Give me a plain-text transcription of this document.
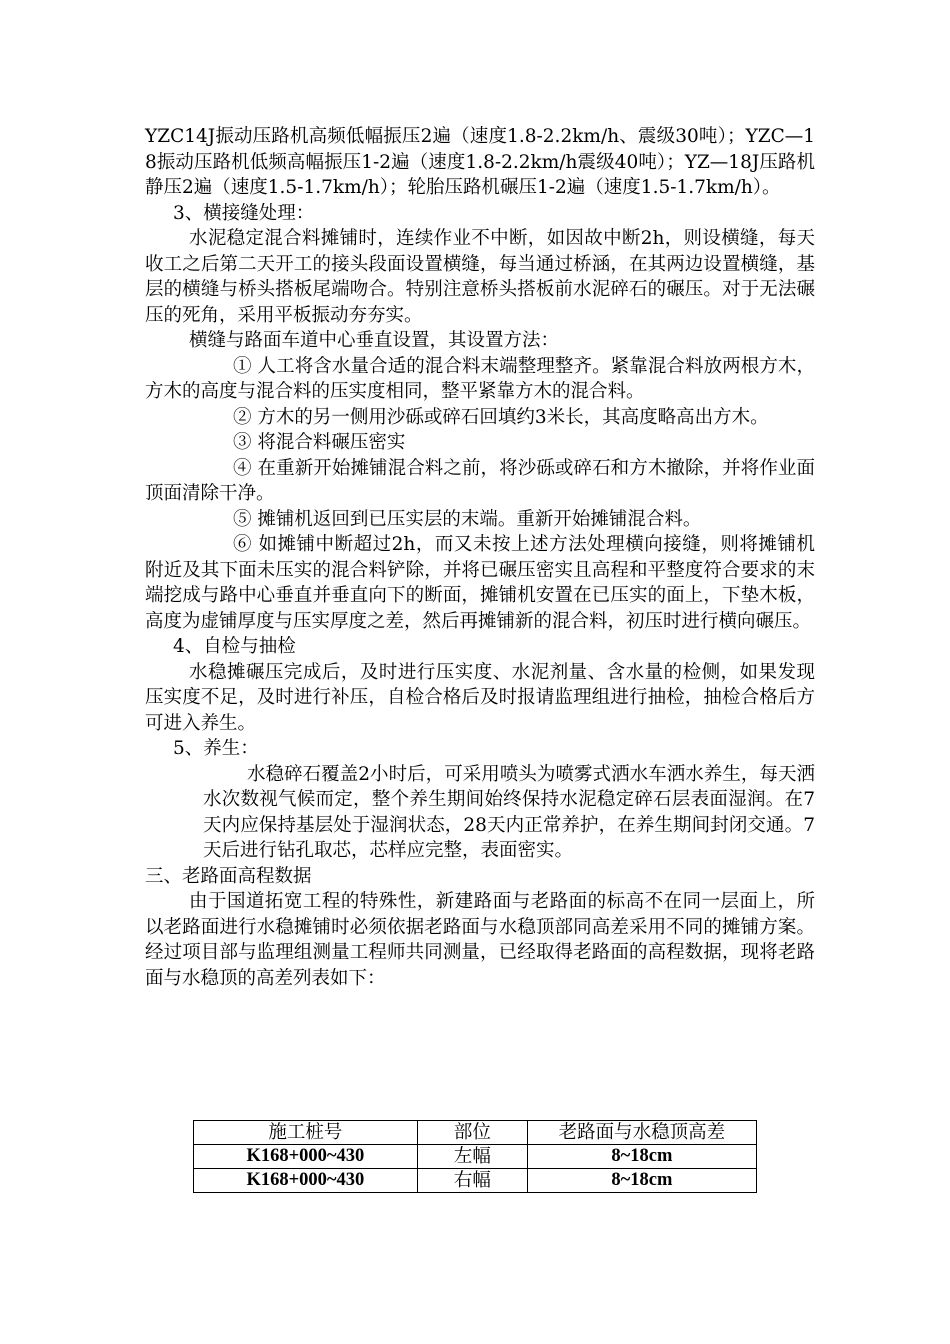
YZC14J振动压路机高频低幅振压2遍（速度1.8-2.2km/h、震级30吨）；YZC—18振动压路机低频高幅振压1-2遍（速度1.8-2.2km/h震级40吨）；YZ—18J压路机静压2遍（速度1.5-1.7km/h）；轮胎压路机碾压1-2遍（速度1.5-1.7km/h）。

3、横接缝处理：

水泥稳定混合料摊铺时，连续作业不中断，如因故中断2h，则设横缝，每天收工之后第二天开工的接头段面设置横缝，每当通过桥涵，在其两边设置横缝，基层的横缝与桥头搭板尾端吻合。特别注意桥头搭板前水泥碎石的碾压。对于无法碾压的死角，采用平板振动夯夯实。

横缝与路面车道中心垂直设置，其设置方法：

① 人工将含水量合适的混合料末端整理整齐。紧靠混合料放两根方木，方木的高度与混合料的压实度相同，整平紧靠方木的混合料。

② 方木的另一侧用沙砾或碎石回填约3米长，其高度略高出方木。

③ 将混合料碾压密实

④ 在重新开始摊铺混合料之前，将沙砾或碎石和方木撤除，并将作业面顶面清除干净。

⑤ 摊铺机返回到已压实层的末端。重新开始摊铺混合料。

⑥ 如摊铺中断超过2h，而又未按上述方法处理横向接缝，则将摊铺机附近及其下面未压实的混合料铲除，并将已碾压密实且高程和平整度符合要求的末端挖成与路中心垂直并垂直向下的断面，摊铺机安置在已压实的面上，下垫木板，高度为虚铺厚度与压实厚度之差，然后再摊铺新的混合料，初压时进行横向碾压。

4、自检与抽检

水稳摊碾压完成后，及时进行压实度、水泥剂量、含水量的检侧，如果发现压实度不足，及时进行补压，自检合格后及时报请监理组进行抽检，抽检合格后方可进入养生。

5、养生：

水稳碎石覆盖2小时后，可采用喷头为喷雾式洒水车洒水养生，每天洒水次数视气候而定，整个养生期间始终保持水泥稳定碎石层表面湿润。在7天内应保持基层处于湿润状态，28天内正常养护，在养生期间封闭交通。7天后进行钻孔取芯，芯样应完整，表面密实。

三、老路面高程数据

由于国道拓宽工程的特殊性，新建路面与老路面的标高不在同一层面上，所以老路面进行水稳摊铺时必须依据老路面与水稳顶部同高差采用不同的摊铺方案。经过项目部与监理组测量工程师共同测量，已经取得老路面的高程数据，现将老路面与水稳顶的高差列表如下：

施工桩号	部位	老路面与水稳顶高差
K168+000~430	左幅	8~18cm
K168+000~430	右幅	8~18cm
